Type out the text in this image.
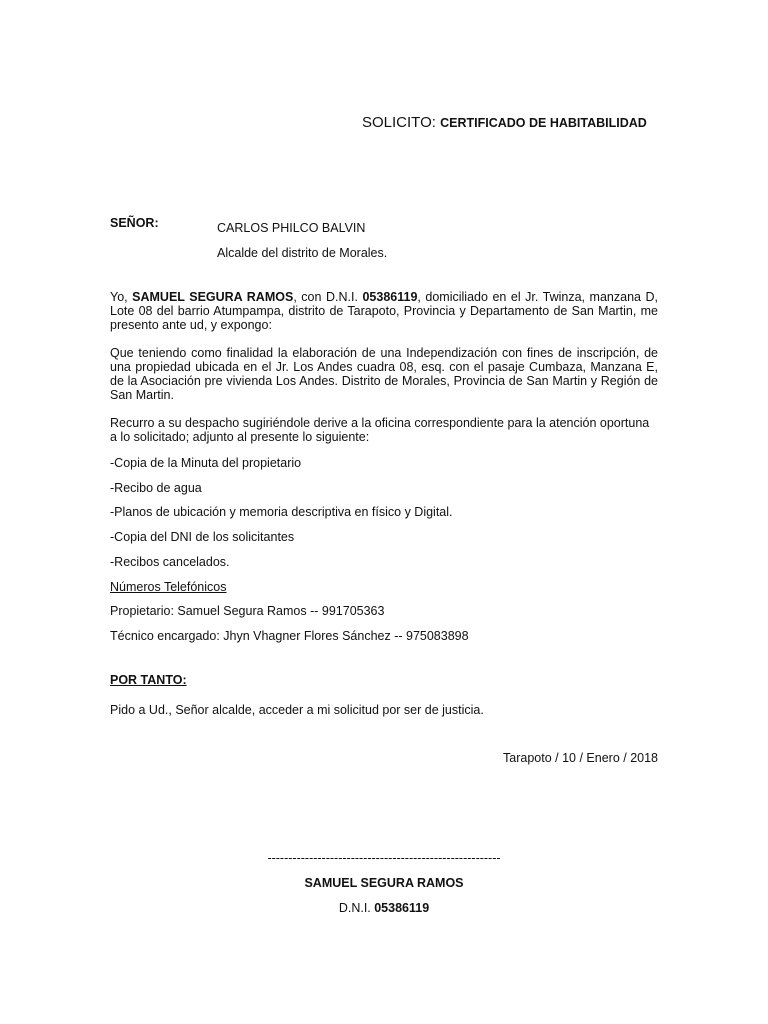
SOLICITO: CERTIFICADO DE HABITABILIDAD
SEÑOR:	CARLOS PHILCO BALVIN
Alcalde del distrito de Morales.
Yo, SAMUEL SEGURA RAMOS, con D.N.I. 05386119, domiciliado en el Jr. Twinza, manzana D, Lote 08 del barrio Atumpampa, distrito de Tarapoto, Provincia y Departamento de San Martin, me presento ante ud, y expongo:
Que teniendo como finalidad la elaboración de una Independización con fines de inscripción, de una propiedad ubicada en el Jr. Los Andes cuadra 08, esq. con el pasaje Cumbaza, Manzana E, de la Asociación pre vivienda Los Andes. Distrito de Morales, Provincia de San Martin y Región de San Martin.
Recurro a su despacho sugiriéndole derive a la oficina correspondiente para la atención oportuna a lo solicitado; adjunto al presente lo siguiente:
-Copia de la Minuta del propietario
-Recibo de agua
-Planos de ubicación y memoria descriptiva en físico y Digital.
-Copia del DNI de los solicitantes
-Recibos cancelados.
Números Telefónicos
Propietario: Samuel Segura Ramos -- 991705363
Técnico encargado: Jhyn Vhagner Flores Sánchez -- 975083898
POR TANTO:
Pido a Ud., Señor alcalde, acceder a mi solicitud por ser de justicia.
Tarapoto / 10 / Enero / 2018
--------------------------------------------------------
SAMUEL SEGURA RAMOS
D.N.I. 05386119
